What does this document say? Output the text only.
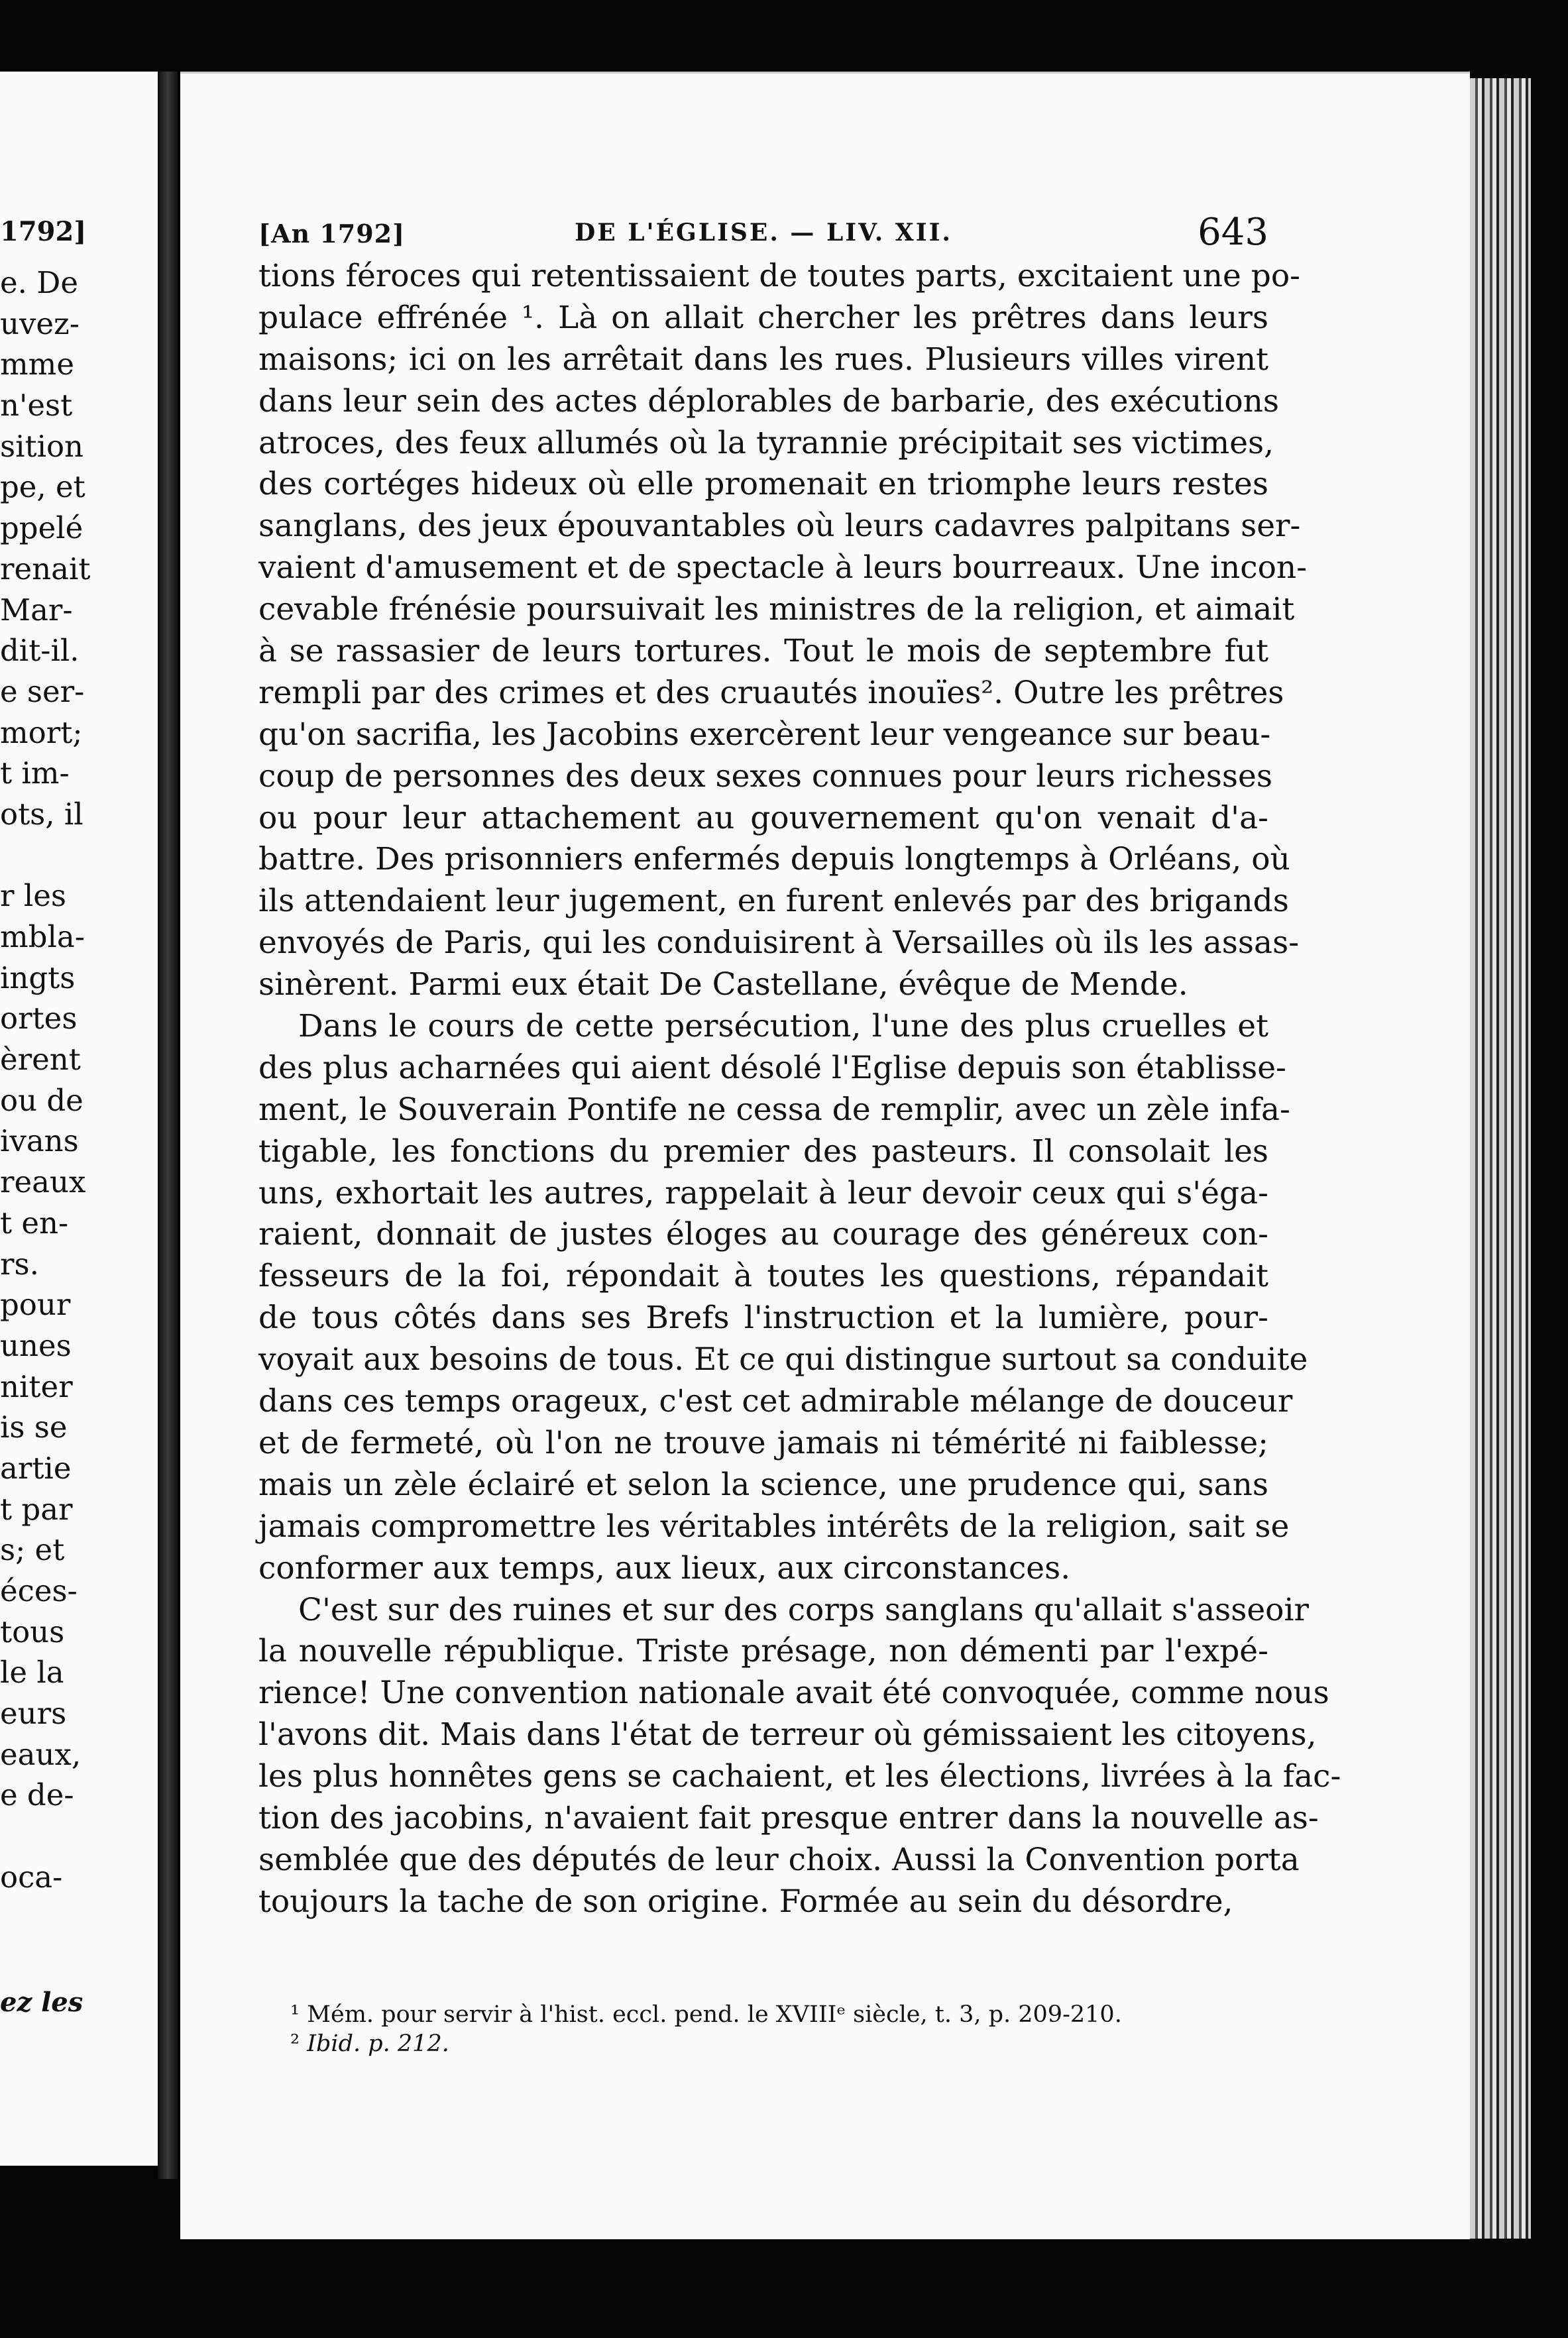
1792]
e. De
uvez-
mme
n'est
sition
pe, et
ppelé
renait
Mar-
dit-il.
e ser-
mort;
t im-
ots, il
r les
mbla-
ingts
ortes
èrent
ou de
ivans
reaux
t en-
rs.
pour
unes
niter
is se
artie
t par
s; et
éces-
tous
le la
eurs
eaux,
e de-
oca-
ez les
[An 1792]	DE L'ÉGLISE. — LIV. XII.	643
tions féroces qui retentissaient de toutes parts, excitaient une po-
pulace effrénée ¹. Là on allait chercher les prêtres dans leurs
maisons; ici on les arrêtait dans les rues. Plusieurs villes virent
dans leur sein des actes déplorables de barbarie, des exécutions
atroces, des feux allumés où la tyrannie précipitait ses victimes,
des cortéges hideux où elle promenait en triomphe leurs restes
sanglans, des jeux épouvantables où leurs cadavres palpitans ser-
vaient d'amusement et de spectacle à leurs bourreaux. Une incon-
cevable frénésie poursuivait les ministres de la religion, et aimait
à se rassasier de leurs tortures. Tout le mois de septembre fut
rempli par des crimes et des cruautés inouïes². Outre les prêtres
qu'on sacrifia, les Jacobins exercèrent leur vengeance sur beau-
coup de personnes des deux sexes connues pour leurs richesses
ou pour leur attachement au gouvernement qu'on venait d'a-
battre. Des prisonniers enfermés depuis longtemps à Orléans, où
ils attendaient leur jugement, en furent enlevés par des brigands
envoyés de Paris, qui les conduisirent à Versailles où ils les assas-
sinèrent. Parmi eux était De Castellane, évêque de Mende.
Dans le cours de cette persécution, l'une des plus cruelles et
des plus acharnées qui aient désolé l'Eglise depuis son établisse-
ment, le Souverain Pontife ne cessa de remplir, avec un zèle infa-
tigable, les fonctions du premier des pasteurs. Il consolait les
uns, exhortait les autres, rappelait à leur devoir ceux qui s'éga-
raient, donnait de justes éloges au courage des généreux con-
fesseurs de la foi, répondait à toutes les questions, répandait
de tous côtés dans ses Brefs l'instruction et la lumière, pour-
voyait aux besoins de tous. Et ce qui distingue surtout sa conduite
dans ces temps orageux, c'est cet admirable mélange de douceur
et de fermeté, où l'on ne trouve jamais ni témérité ni faiblesse;
mais un zèle éclairé et selon la science, une prudence qui, sans
jamais compromettre les véritables intérêts de la religion, sait se
conformer aux temps, aux lieux, aux circonstances.
C'est sur des ruines et sur des corps sanglans qu'allait s'asseoir
la nouvelle république. Triste présage, non démenti par l'expé-
rience! Une convention nationale avait été convoquée, comme nous
l'avons dit. Mais dans l'état de terreur où gémissaient les citoyens,
les plus honnêtes gens se cachaient, et les élections, livrées à la fac-
tion des jacobins, n'avaient fait presque entrer dans la nouvelle as-
semblée que des députés de leur choix. Aussi la Convention porta
toujours la tache de son origine. Formée au sein du désordre,
¹ Mém. pour servir à l'hist. eccl. pend. le XVIIIᵉ siècle, t. 3, p. 209-210.
² Ibid. p. 212.
